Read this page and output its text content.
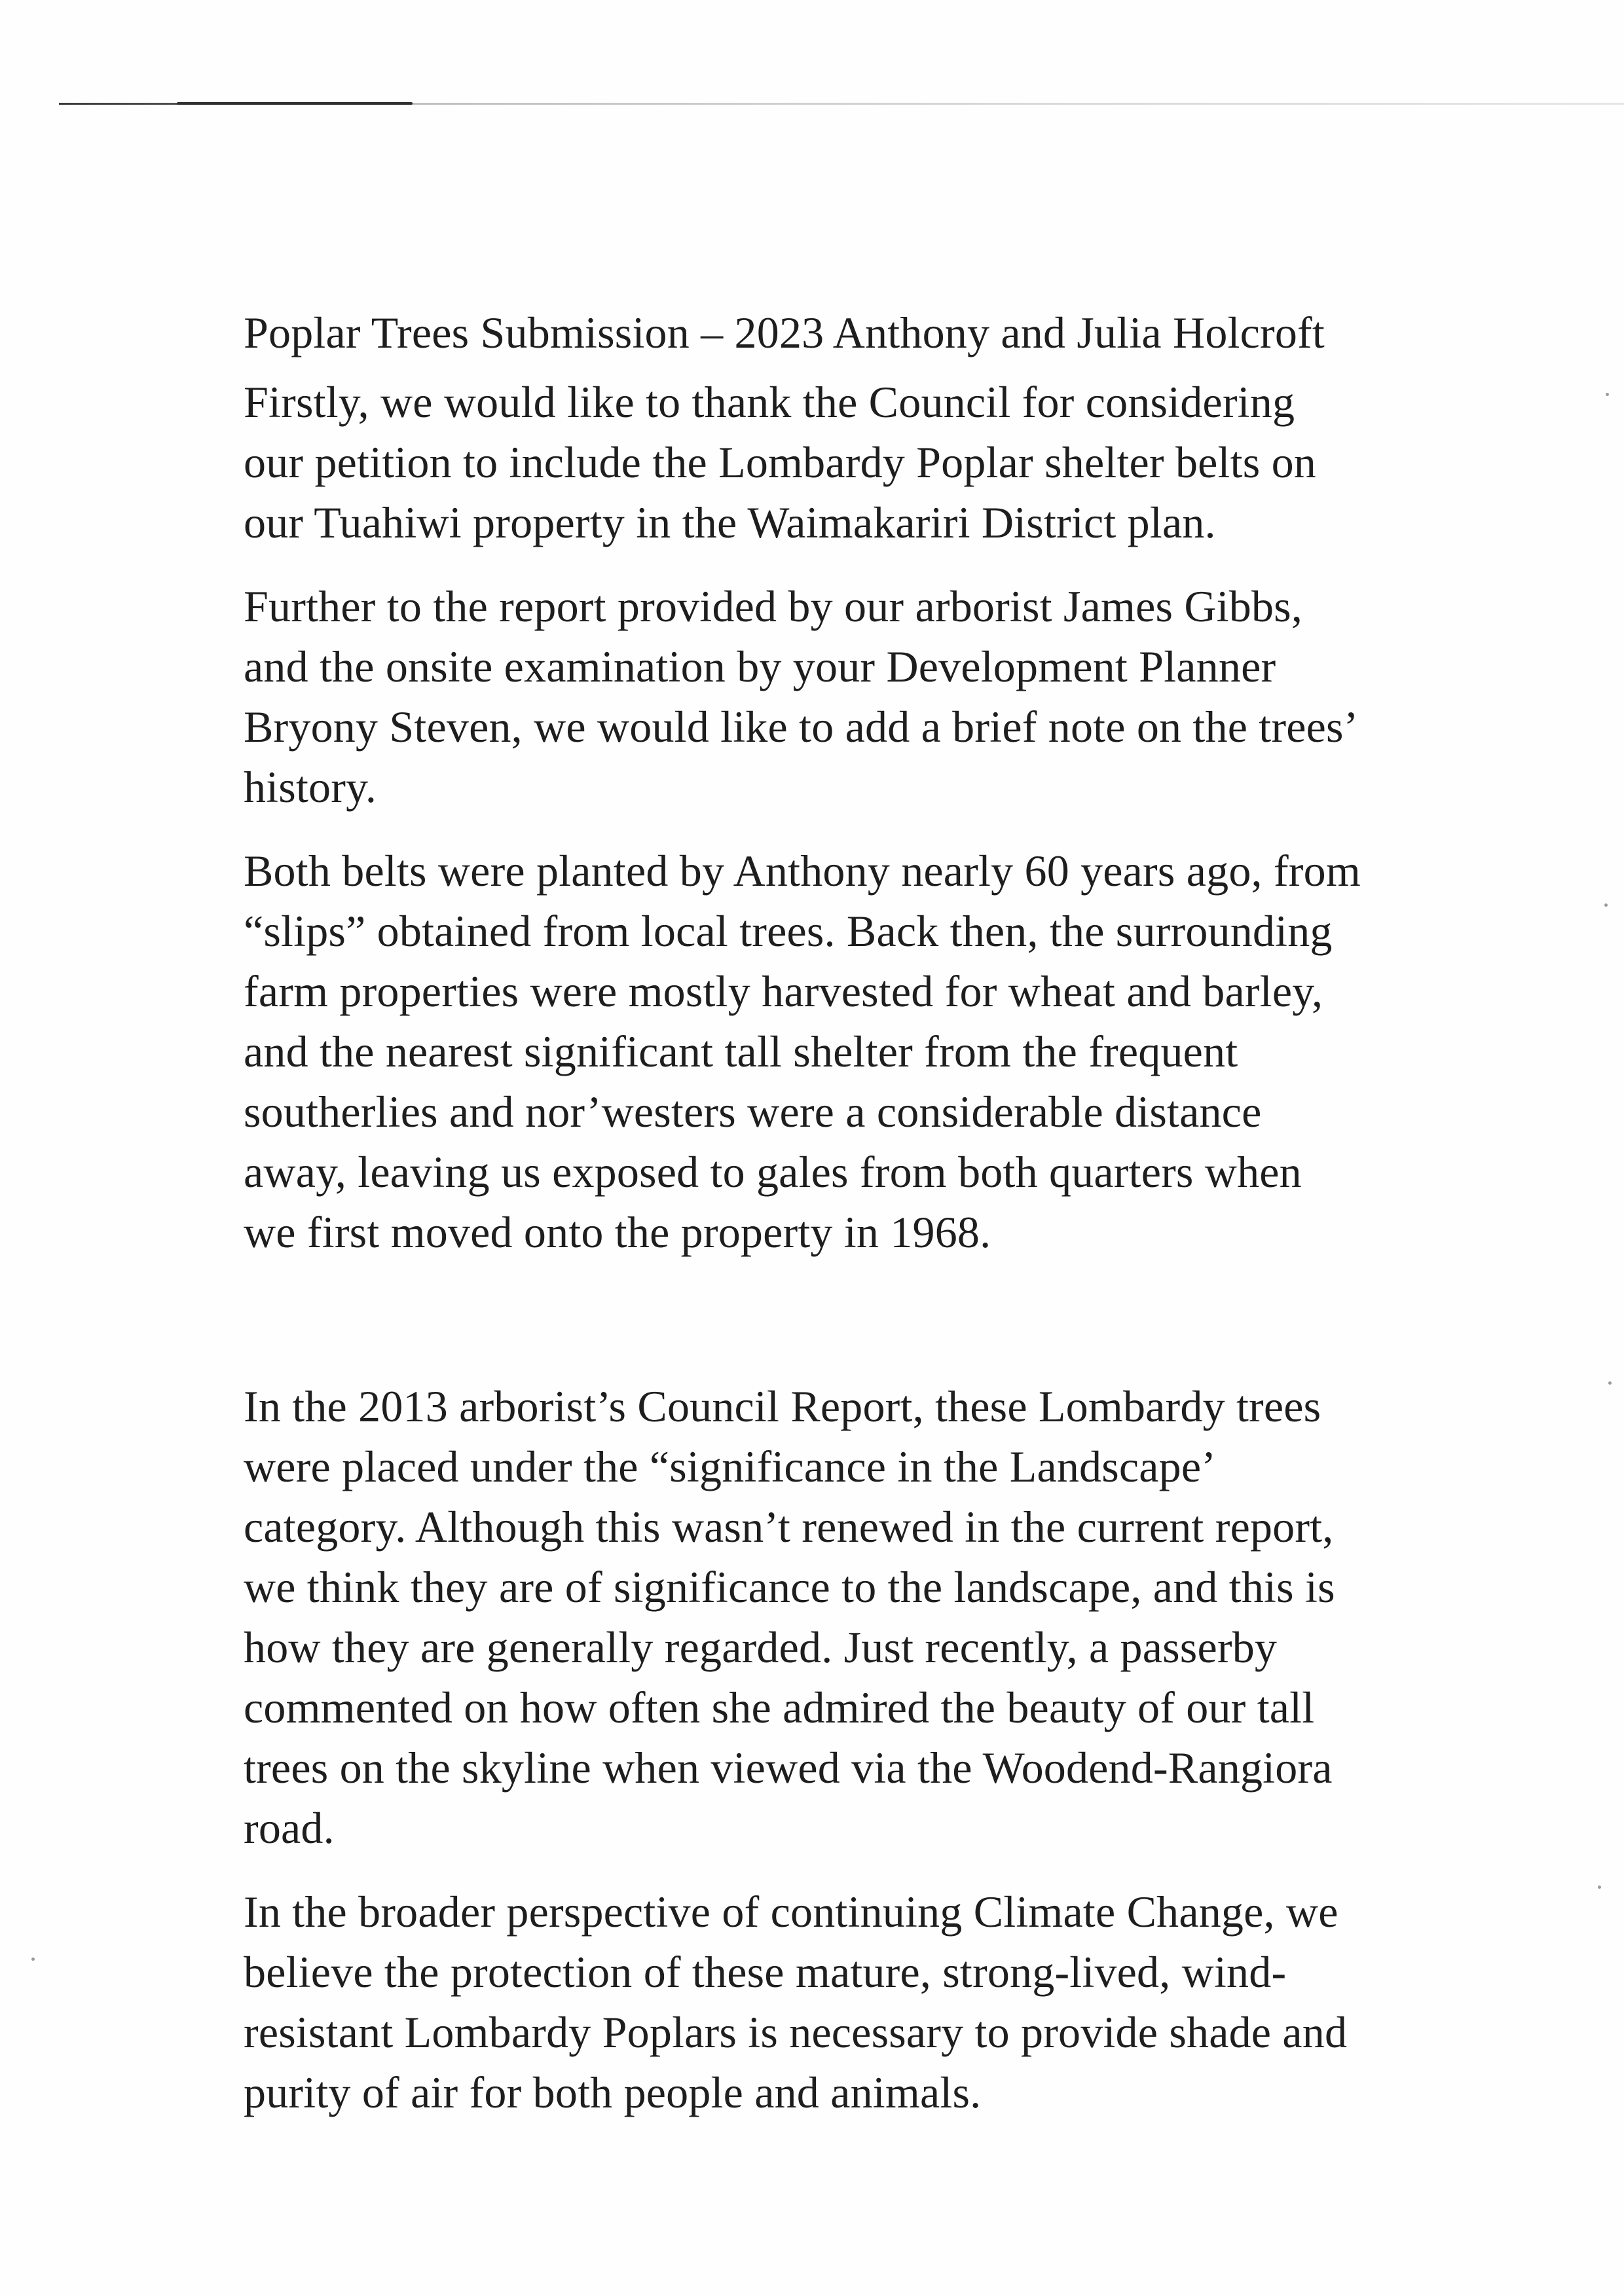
Poplar Trees Submission – 2023 Anthony and Julia Holcroft

Firstly, we would like to thank the Council for considering
our petition to include the Lombardy Poplar shelter belts on
our Tuahiwi property in the Waimakariri District plan.

Further to the report provided by our arborist James Gibbs,
and the onsite examination by your Development Planner
Bryony Steven, we would like to add a brief note on the trees’
history.

Both belts were planted by Anthony nearly 60 years ago, from
“slips” obtained from local trees. Back then, the surrounding
farm properties were mostly harvested for wheat and barley,
and the nearest significant tall shelter from the frequent
southerlies and nor’westers were a considerable distance
away, leaving us exposed to gales from both quarters when
we first moved onto the property in 1968.

In the 2013 arborist’s Council Report, these Lombardy trees
were placed under the “significance in the Landscape’
category. Although this wasn’t renewed in the current report,
we think they are of significance to the landscape, and this is
how they are generally regarded. Just recently, a passerby
commented on how often she admired the beauty of our tall
trees on the skyline when viewed via the Woodend-Rangiora
road.

In the broader perspective of continuing Climate Change, we
believe the protection of these mature, strong-lived, wind-
resistant Lombardy Poplars is necessary to provide shade and
purity of air for both people and animals.
